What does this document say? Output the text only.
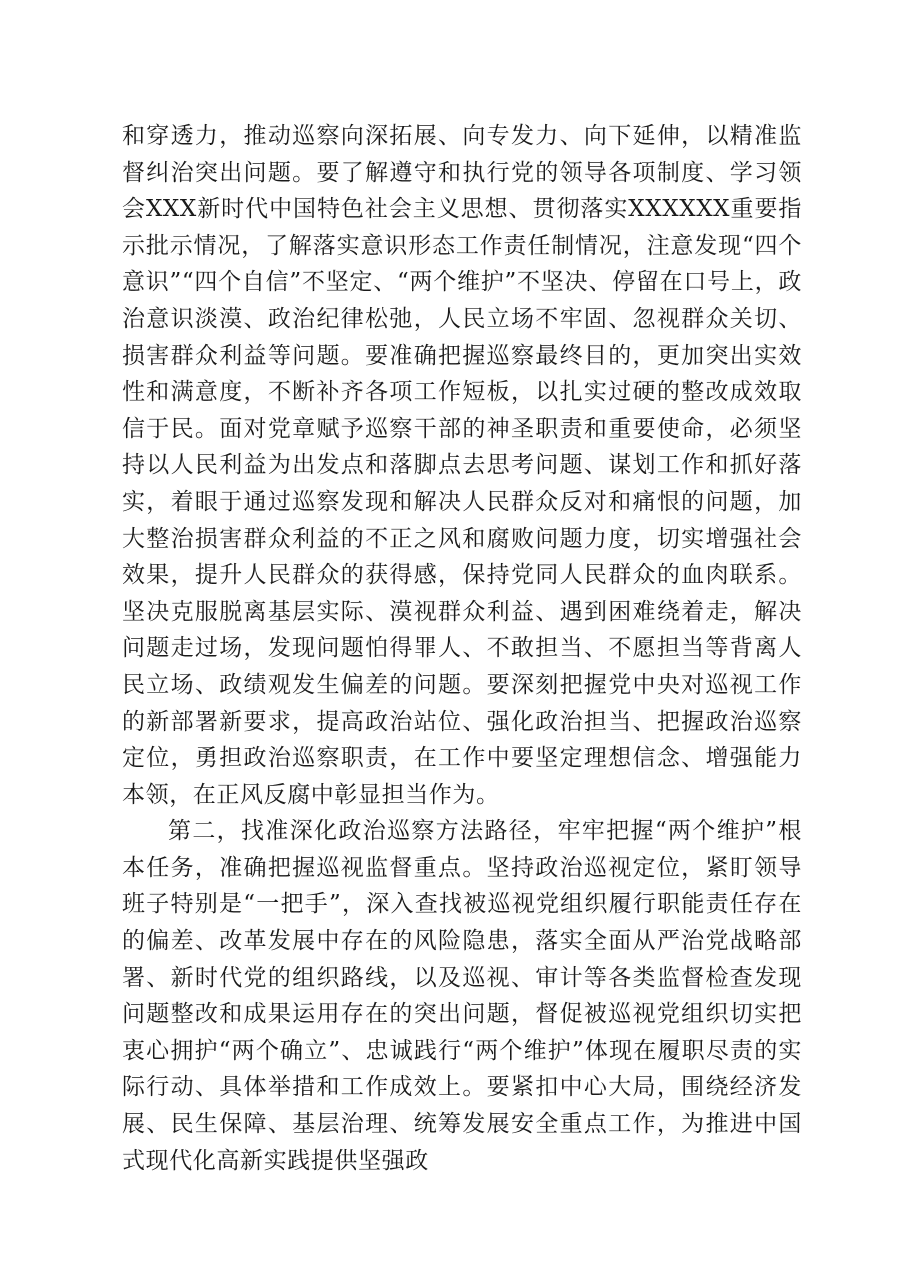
和穿透力，推动巡察向深拓展、向专发力、向下延伸，以精准监督纠治突出问题。要了解遵守和执行党的领导各项制度、学习领会XXX新时代中国特色社会主义思想、贯彻落实XXXXXX重要指示批示情况，了解落实意识形态工作责任制情况，注意发现“四个意识”“四个自信”不坚定、“两个维护”不坚决、停留在口号上，政治意识淡漠、政治纪律松弛，人民立场不牢固、忽视群众关切、损害群众利益等问题。要准确把握巡察最终目的，更加突出实效性和满意度，不断补齐各项工作短板，以扎实过硬的整改成效取信于民。面对党章赋予巡察干部的神圣职责和重要使命，必须坚持以人民利益为出发点和落脚点去思考问题、谋划工作和抓好落实，着眼于通过巡察发现和解决人民群众反对和痛恨的问题，加大整治损害群众利益的不正之风和腐败问题力度，切实增强社会效果，提升人民群众的获得感，保持党同人民群众的血肉联系。坚决克服脱离基层实际、漠视群众利益、遇到困难绕着走，解决问题走过场，发现问题怕得罪人、不敢担当、不愿担当等背离人民立场、政绩观发生偏差的问题。要深刻把握党中央对巡视工作的新部署新要求，提高政治站位、强化政治担当、把握政治巡察定位，勇担政治巡察职责，在工作中要坚定理想信念、增强能力本领，在正风反腐中彰显担当作为。

第二，找准深化政治巡察方法路径，牢牢把握“两个维护”根本任务，准确把握巡视监督重点。坚持政治巡视定位，紧盯领导班子特别是“一把手”，深入查找被巡视党组织履行职能责任存在的偏差、改革发展中存在的风险隐患，落实全面从严治党战略部署、新时代党的组织路线，以及巡视、审计等各类监督检查发现问题整改和成果运用存在的突出问题，督促被巡视党组织切实把衷心拥护“两个确立”、忠诚践行“两个维护”体现在履职尽责的实际行动、具体举措和工作成效上。要紧扣中心大局，围绕经济发展、民生保障、基层治理、统筹发展安全重点工作，为推进中国式现代化高新实践提供坚强政
